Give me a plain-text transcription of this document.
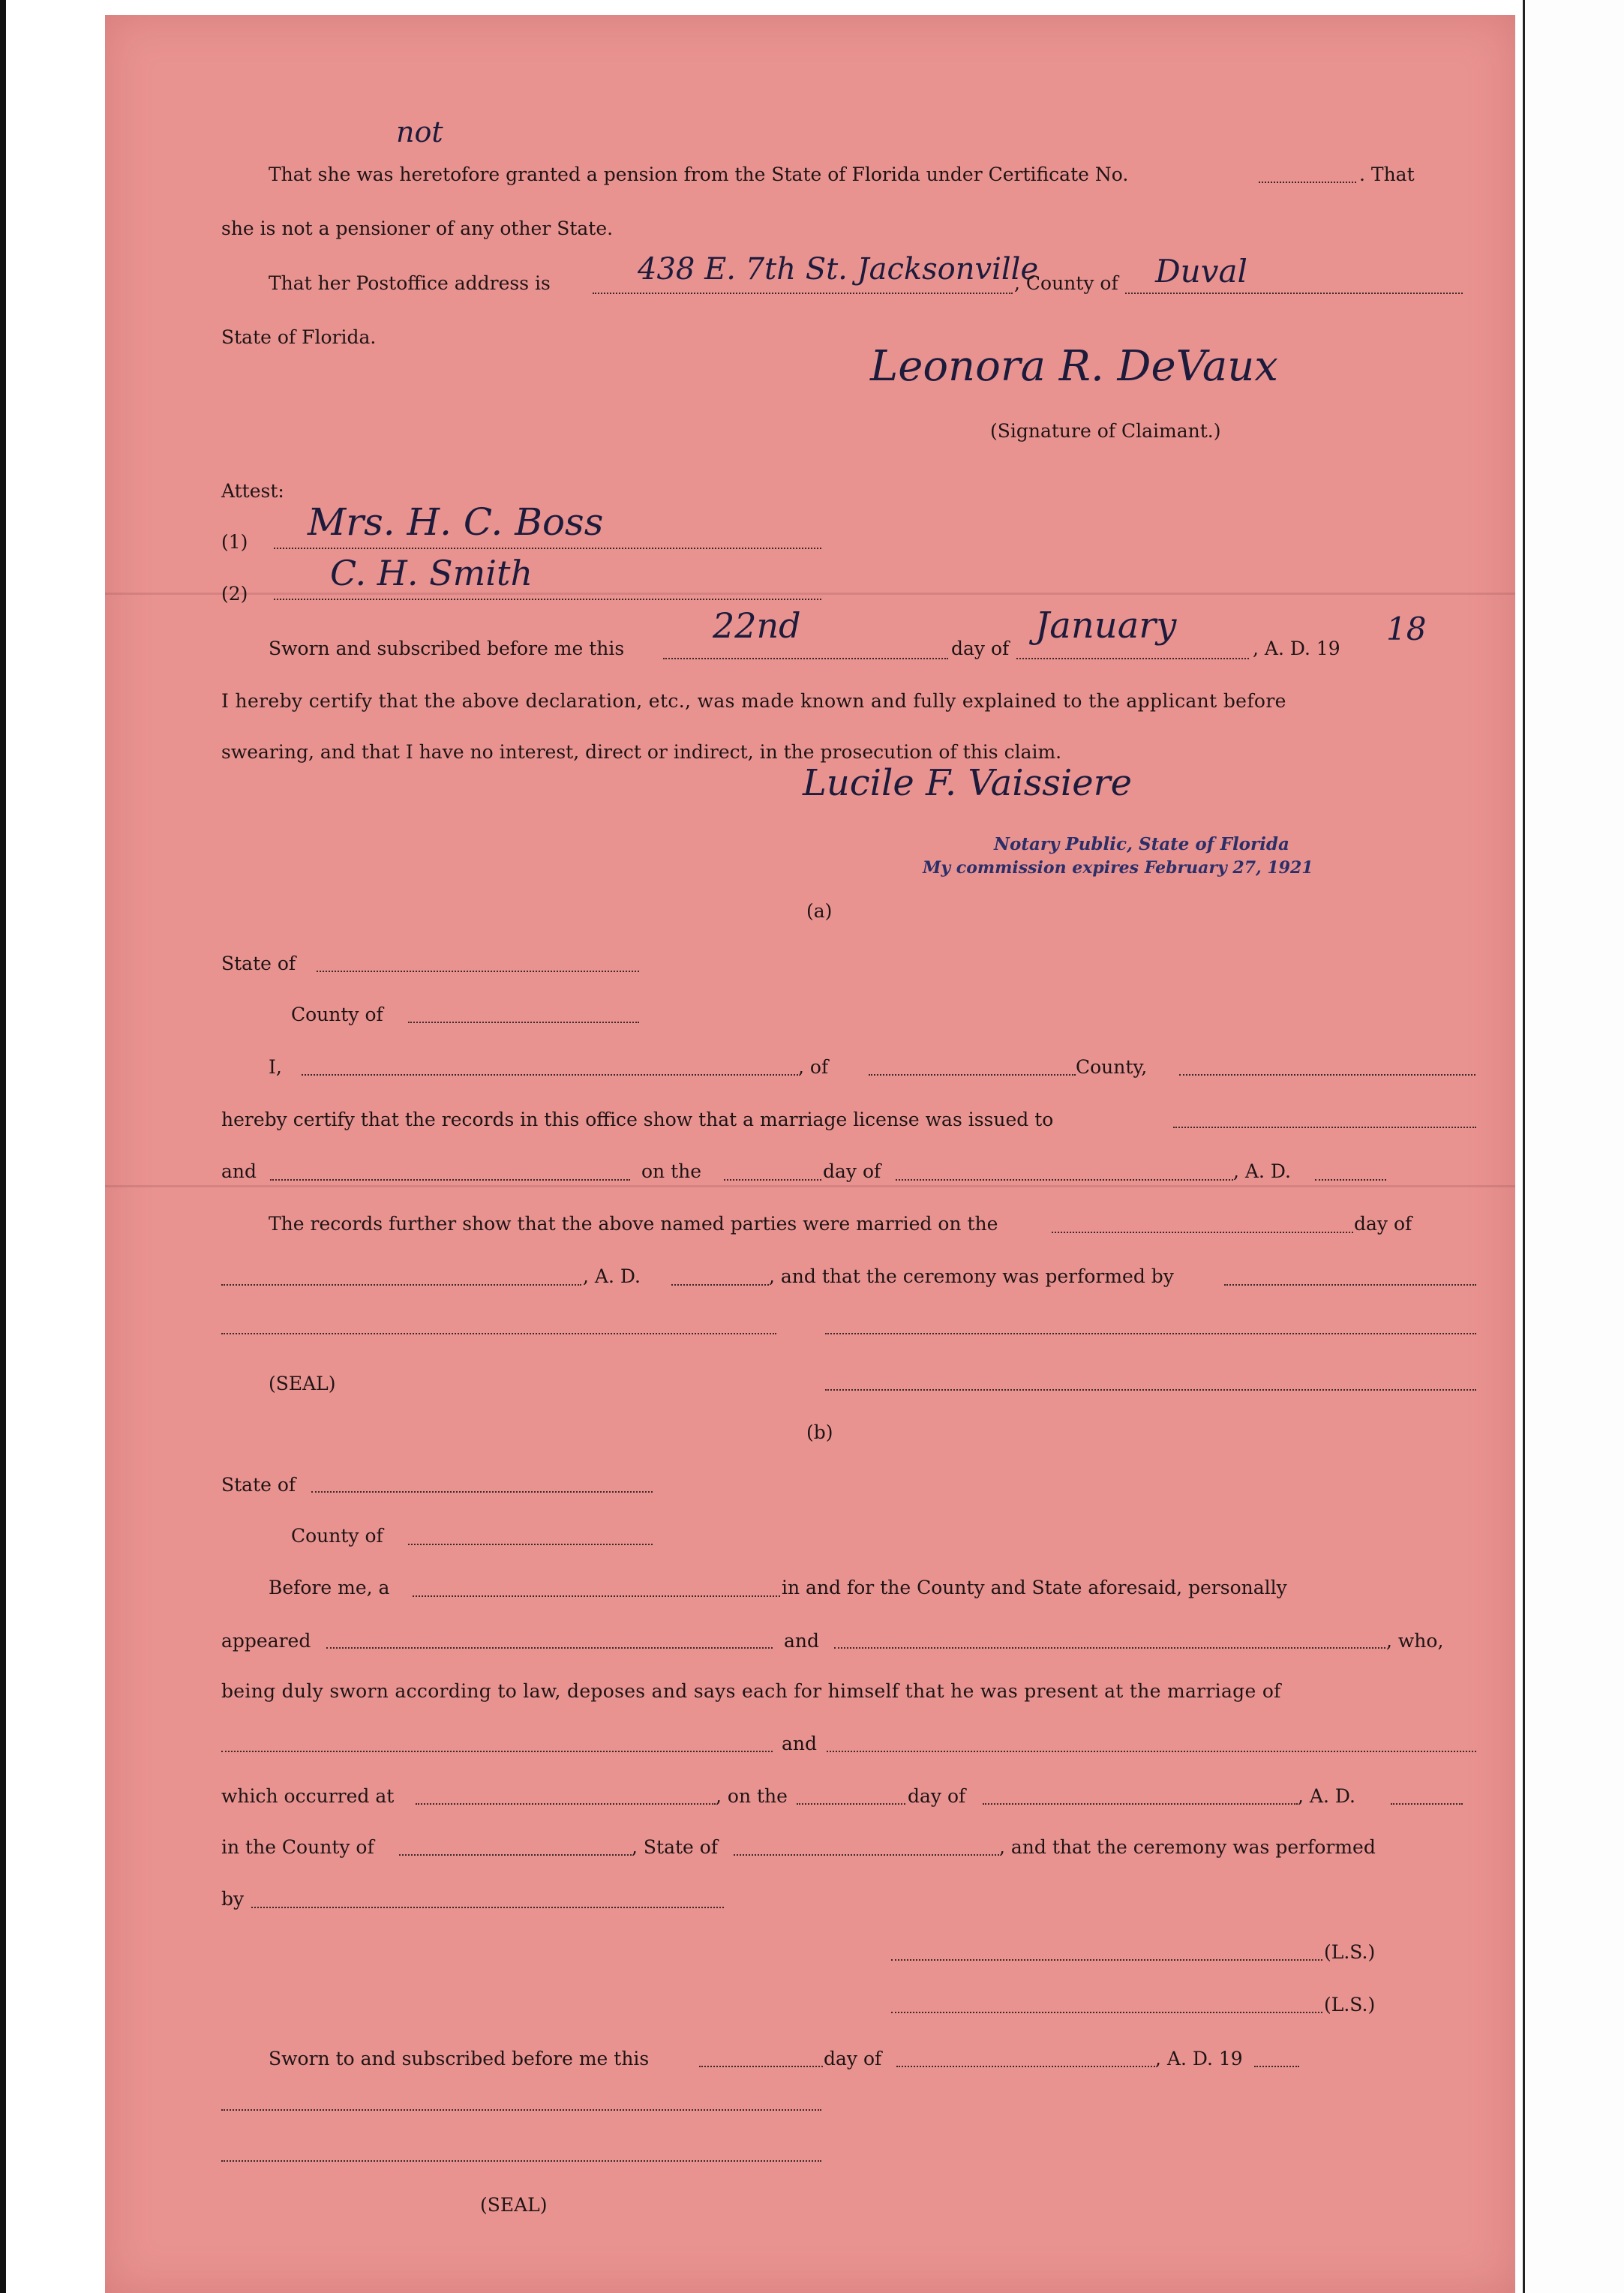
not
That she was heretofore granted a pension from the State of Florida under Certificate No.	. That
she is not a pensioner of any other State.
That her Postoffice address is	438 E. 7th St. Jacksonville
, County of Duval
State of Florida.
Leonora R. DeVaux
(Signature of Claimant.)
Attest:
(1) Mrs. H. C. Boss
(2)
C. H. Smith
Sworn and subscribed before me this
22nd
day of
January
, A. D. 19
18
I hereby certify that the above declaration, etc., was made known and fully explained to the applicant before
swearing, and that I have no interest, direct or indirect, in the prosecution of this claim.
Lucile F. Vaissiere
Notary Public, State of Florida
My commission expires February 27, 1921
(a)
State of
County of
I,	, of	County,
hereby certify that the records in this office show that a marriage license was issued to
and	on the	day of	, A. D.
The records further show that the above named parties were married on the	day of
, A. D.	, and that the ceremony was performed by
(SEAL)
(b)
State of
County of
Before me, a	in and for the County and State aforesaid, personally
appeared	and	, who,
being duly sworn according to law, deposes and says each for himself that he was present at the marriage of
and
which occurred at	, on the	day of	, A. D.
in the County of	, State of	, and that the ceremony was performed
by
(L.S.)
(L.S.)
Sworn to and subscribed before me this	day of	, A. D. 19
(SEAL)
